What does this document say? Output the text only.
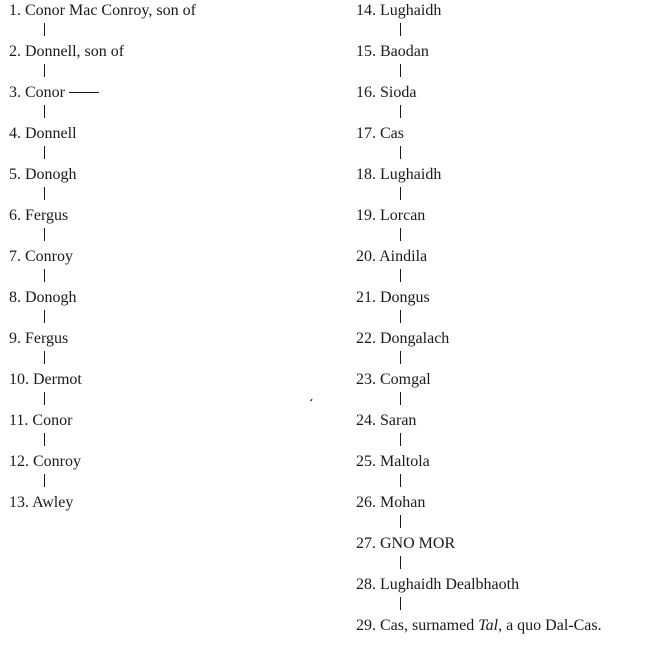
1. Conor Mac Conroy, son of
2. Donnell, son of
3. Conor
4. Donnell
5. Donogh
6. Fergus
7. Conroy
8. Donogh
9. Fergus
10. Dermot
11. Conor
12. Conroy
13. Awley
14. Lughaidh
15. Baodan
16. Sioda
17. Cas
18. Lughaidh
19. Lorcan
20. Aindila
21. Dongus
22. Dongalach
23. Comgal
24. Saran
25. Maltola
26. Mohan
27. GNO MOR
28. Lughaidh Dealbhaoth
29. Cas, surnamed Tal, a quo Dal-Cas.
